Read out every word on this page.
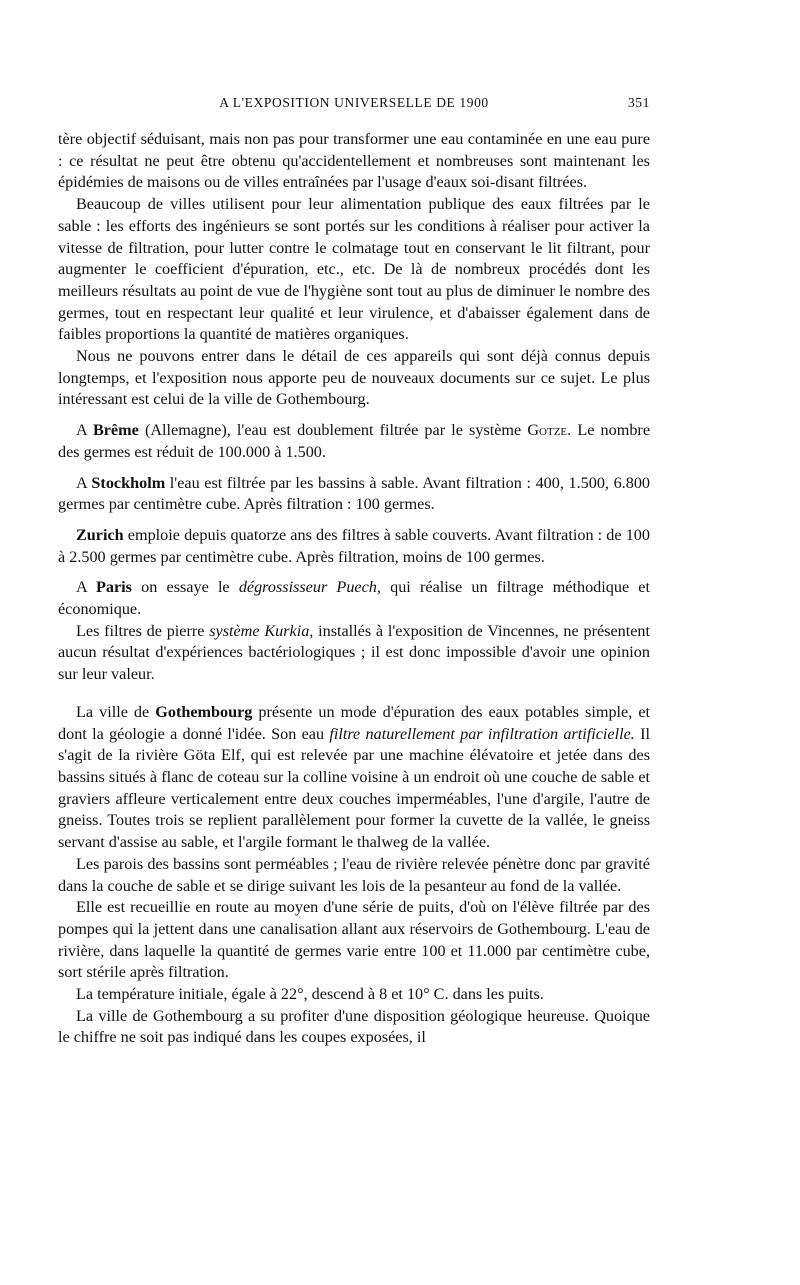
A L'EXPOSITION UNIVERSELLE DE 1900	351

tère objectif séduisant, mais non pas pour transformer une eau contaminée en une eau pure : ce résultat ne peut être obtenu qu'accidentellement et nombreuses sont maintenant les épidémies de maisons ou de villes entraînées par l'usage d'eaux soi-disant filtrées.

Beaucoup de villes utilisent pour leur alimentation publique des eaux filtrées par le sable : les efforts des ingénieurs se sont portés sur les conditions à réaliser pour activer la vitesse de filtration, pour lutter contre le colmatage tout en conservant le lit filtrant, pour augmenter le coefficient d'épuration, etc., etc. De là de nombreux procédés dont les meilleurs résultats au point de vue de l'hygiène sont tout au plus de diminuer le nombre des germes, tout en respectant leur qualité et leur virulence, et d'abaisser également dans de faibles proportions la quantité de matières organiques.

Nous ne pouvons entrer dans le détail de ces appareils qui sont déjà connus depuis longtemps, et l'exposition nous apporte peu de nouveaux documents sur ce sujet. Le plus intéressant est celui de la ville de Gothembourg.

A Brême (Allemagne), l'eau est doublement filtrée par le système Gotze. Le nombre des germes est réduit de 100.000 à 1.500.

A Stockholm l'eau est filtrée par les bassins à sable. Avant filtration : 400, 1.500, 6.800 germes par centimètre cube. Après filtration : 100 germes.

Zurich emploie depuis quatorze ans des filtres à sable couverts. Avant filtration : de 100 à 2.500 germes par centimètre cube. Après filtration, moins de 100 germes.

A Paris on essaye le dégrossisseur Puech, qui réalise un filtrage méthodique et économique.

Les filtres de pierre système Kurkia, installés à l'exposition de Vincennes, ne présentent aucun résultat d'expériences bactériologiques ; il est donc impossible d'avoir une opinion sur leur valeur.

La ville de Gothembourg présente un mode d'épuration des eaux potables simple, et dont la géologie a donné l'idée. Son eau filtre naturellement par infiltration artificielle. Il s'agit de la rivière Göta Elf, qui est relevée par une machine élévatoire et jetée dans des bassins situés à flanc de coteau sur la colline voisine à un endroit où une couche de sable et graviers affleure verticalement entre deux couches imperméables, l'une d'argile, l'autre de gneiss. Toutes trois se replient parallèlement pour former la cuvette de la vallée, le gneiss servant d'assise au sable, et l'argile formant le thalweg de la vallée.

Les parois des bassins sont perméables ; l'eau de rivière relevée pénètre donc par gravité dans la couche de sable et se dirige suivant les lois de la pesanteur au fond de la vallée.

Elle est recueillie en route au moyen d'une série de puits, d'où on l'élève filtrée par des pompes qui la jettent dans une canalisation allant aux réservoirs de Gothembourg. L'eau de rivière, dans laquelle la quantité de germes varie entre 100 et 11.000 par centimètre cube, sort stérile après filtration.

La température initiale, égale à 22°, descend à 8 et 10° C. dans les puits.

La ville de Gothembourg a su profiter d'une disposition géologique heureuse. Quoique le chiffre ne soit pas indiqué dans les coupes exposées, il
